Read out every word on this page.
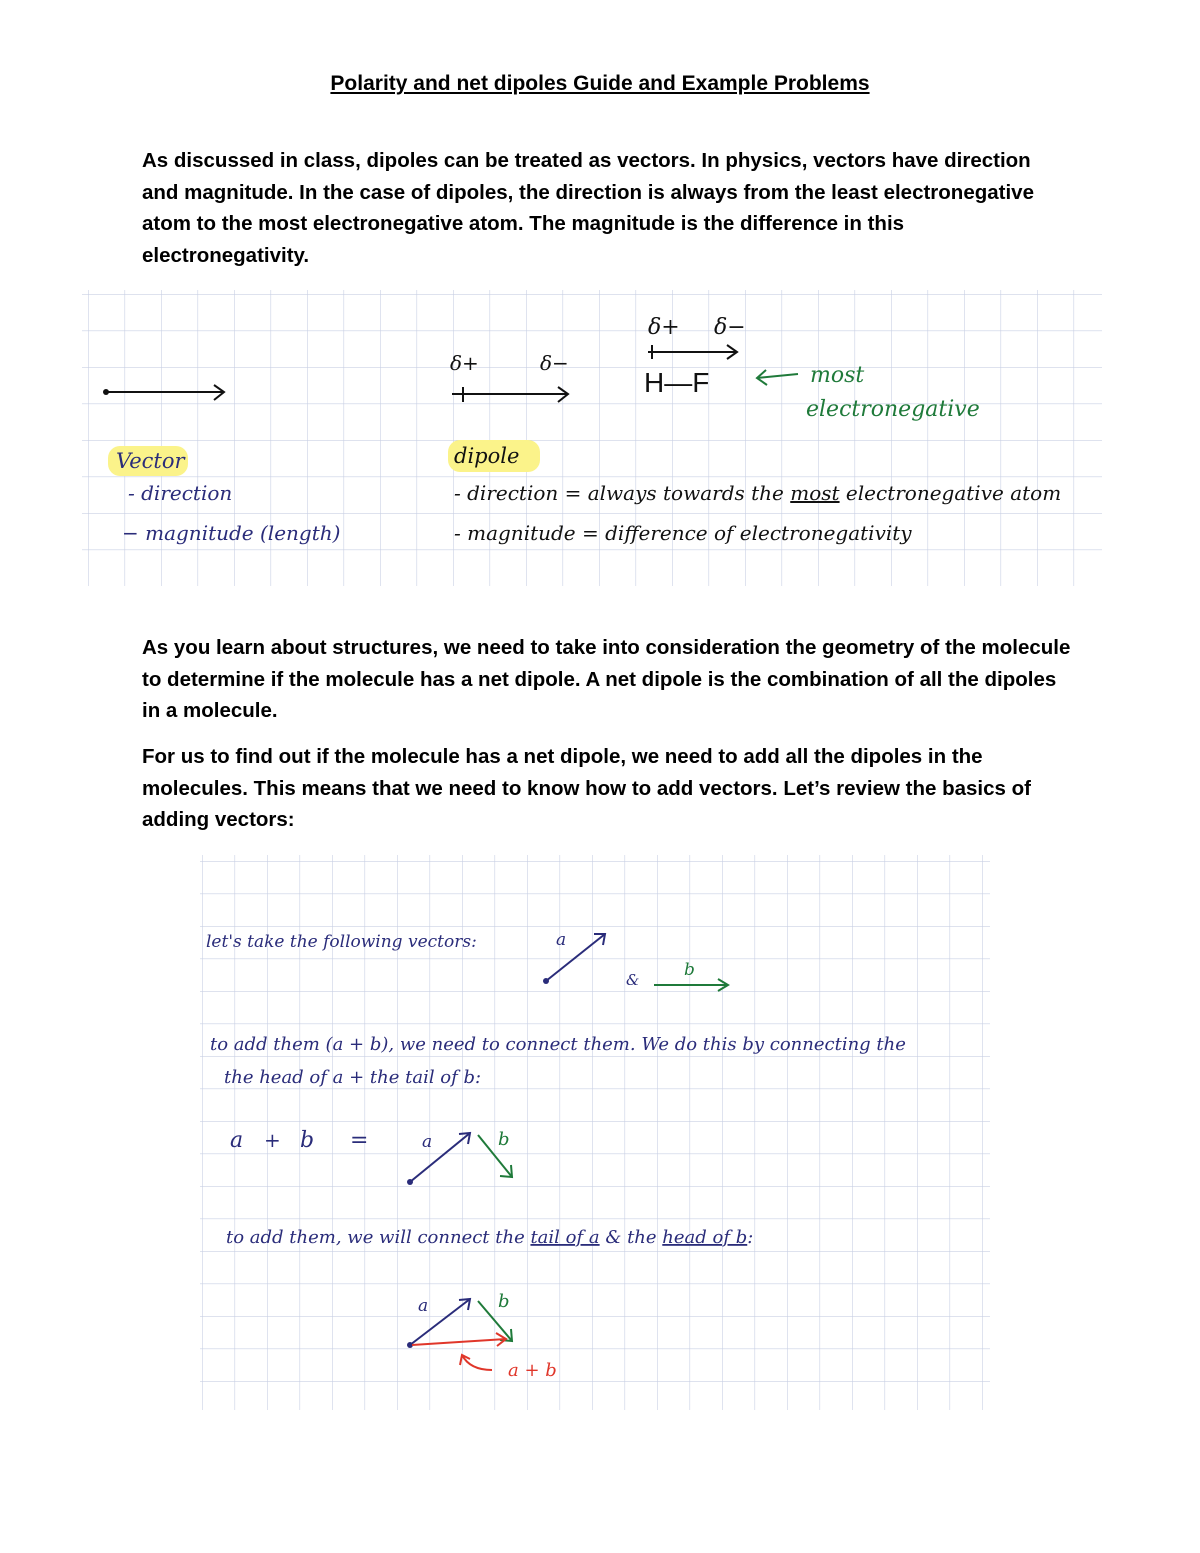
Polarity and net dipoles Guide and Example Problems

As discussed in class, dipoles can be treated as vectors. In physics, vectors have direction and magnitude. In the case of dipoles, the direction is always from the least electronegative atom to the most electronegative atom. The magnitude is the difference in this electronegativity.

δ+	δ−
δ+ δ−
H—F	most
electronegative
Vector
- direction
− magnitude (length)
dipole
- direction = always towards the most electronegative atom
- magnitude = difference of electronegativity

As you learn about structures, we need to take into consideration the geometry of the molecule to determine if the molecule has a net dipole. A net dipole is the combination of all the dipoles in a molecule.

For us to find out if the molecule has a net dipole, we need to add all the dipoles in the molecules. This means that we need to know how to add vectors. Let’s review the basics of adding vectors:

let's take the following vectors:	a
&	b
to add them (a + b), we need to connect them. We do this by connecting the
the head of a + the tail of b:
a + b =	a	b
to add them, we will connect the tail of a & the head of b:
a	b
a + b
